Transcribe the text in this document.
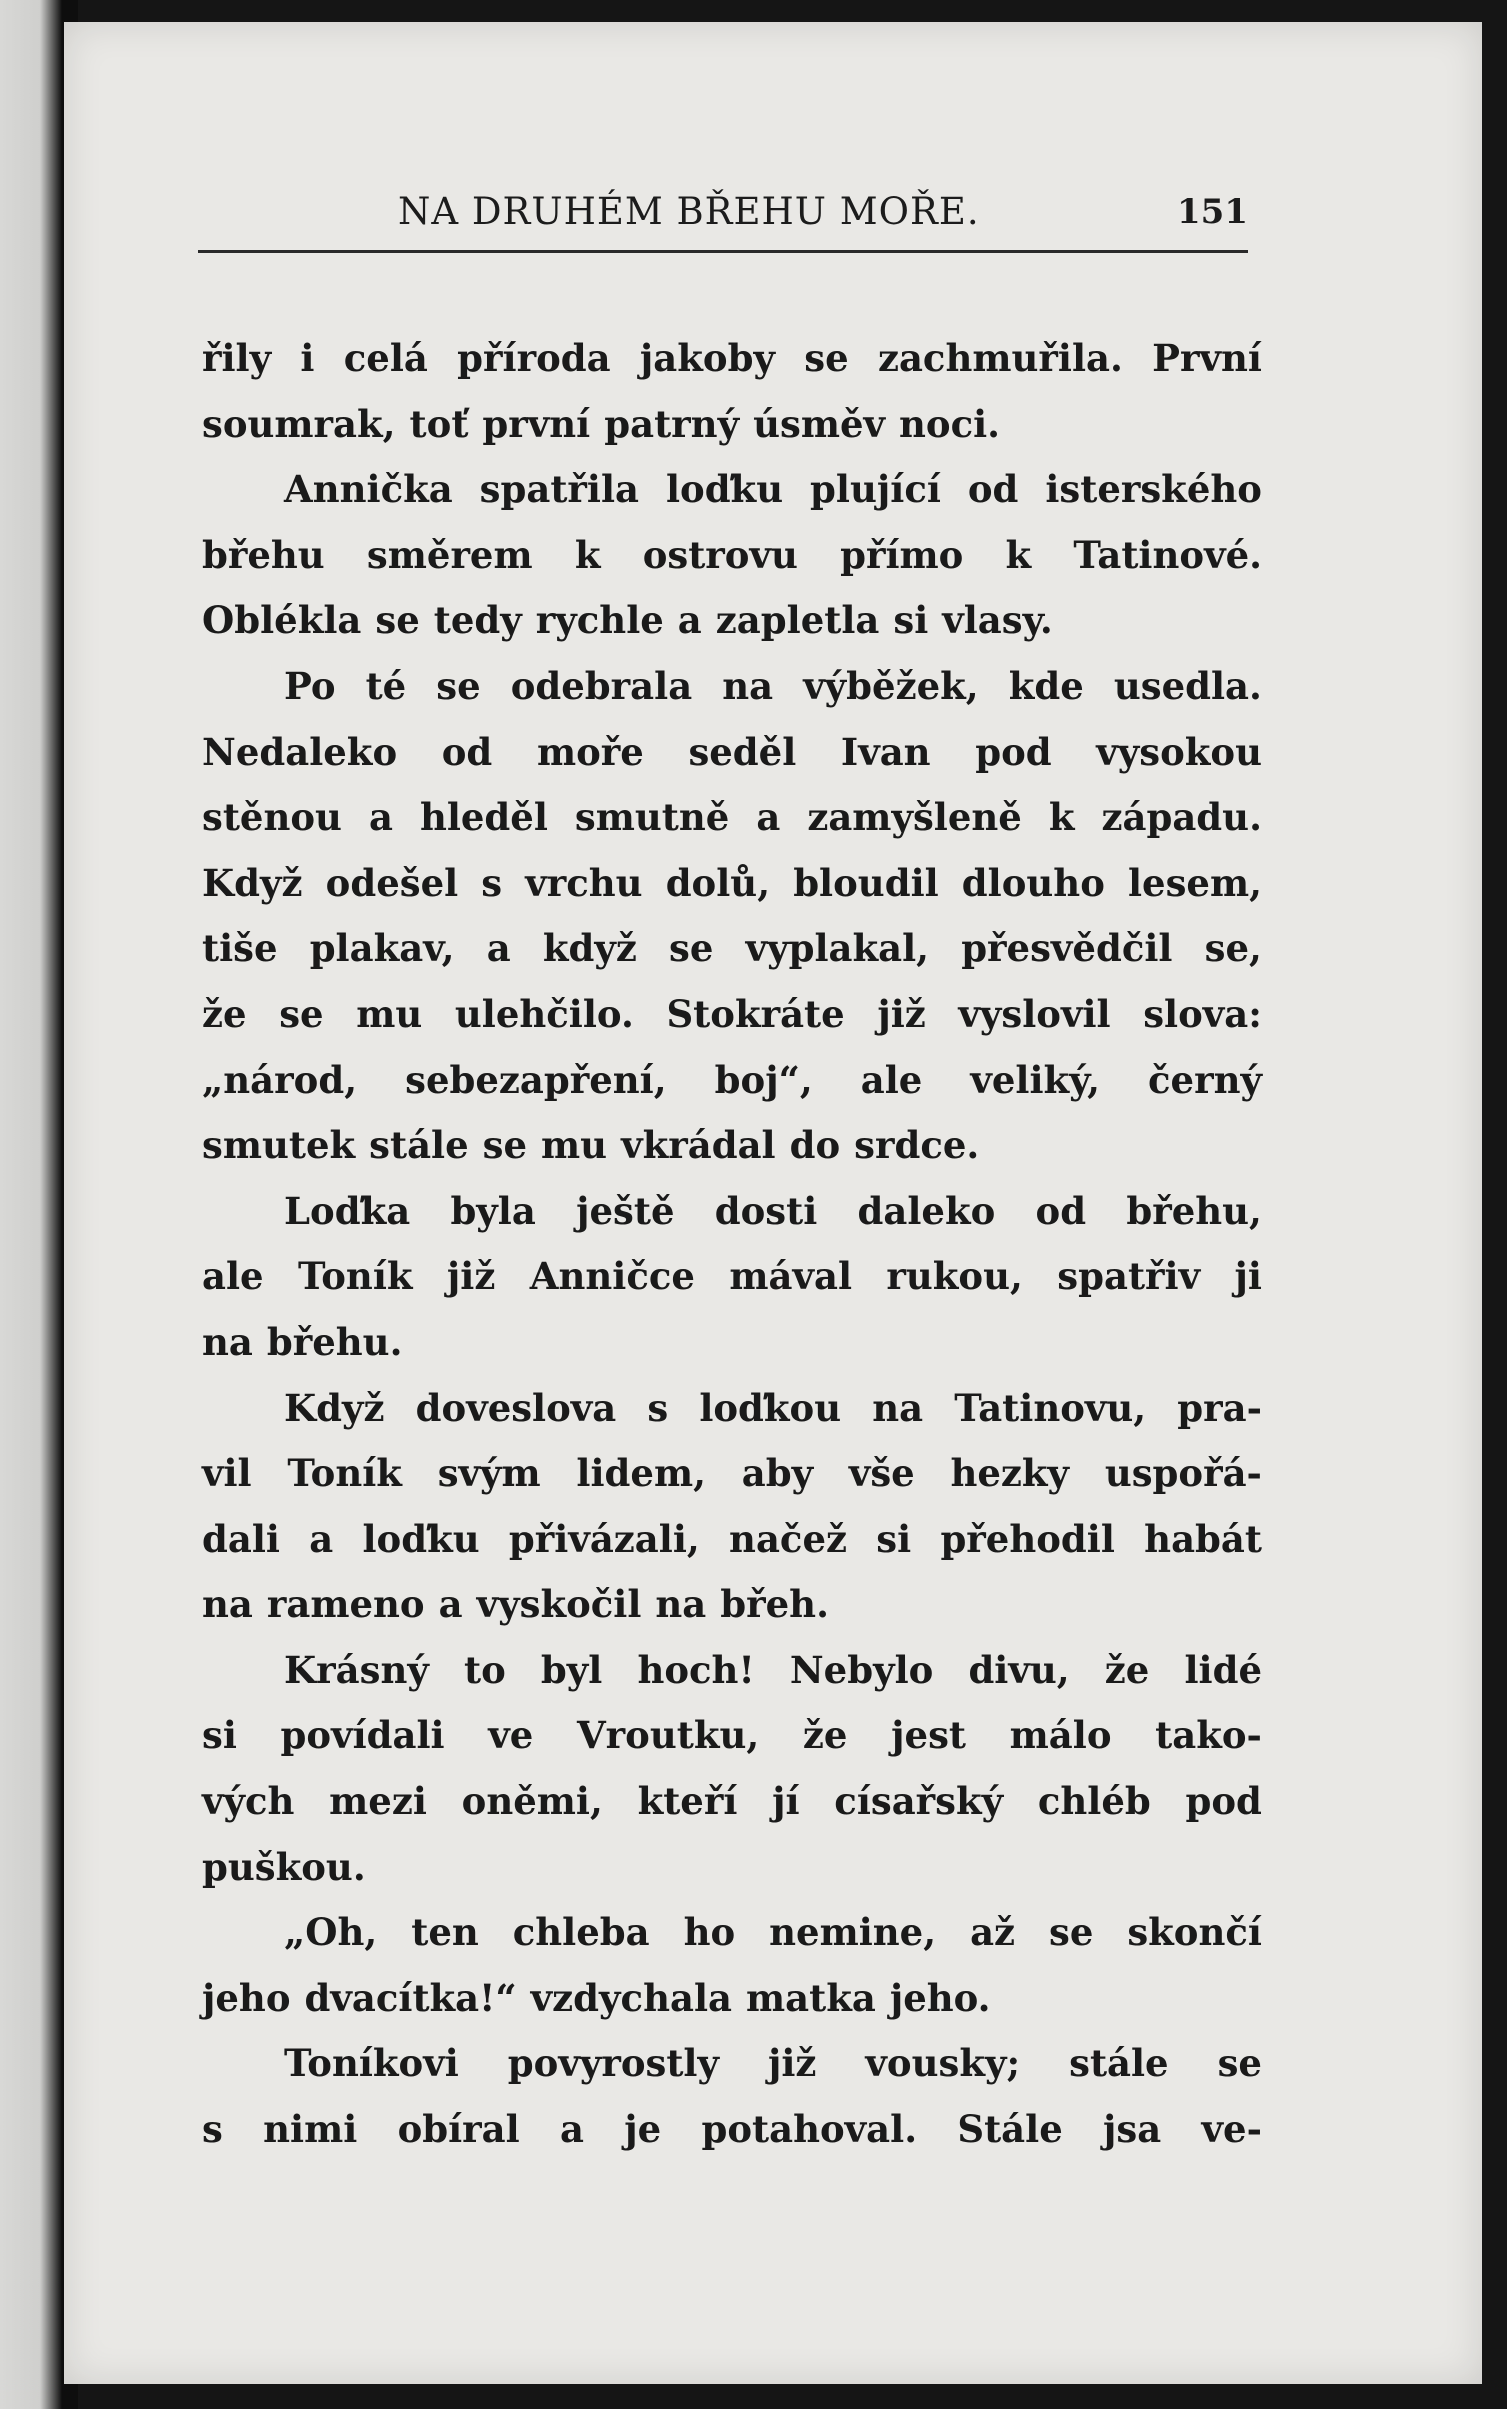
NA DRUHÉM BŘEHU MOŘE.	151
řily i celá příroda jakoby se zachmuřila. První
soumrak, toť první patrný úsměv noci.
Annička spatřila loďku plující od isterského
břehu směrem k ostrovu přímo k Tatinové.
Oblékla se tedy rychle a zapletla si vlasy.
Po té se odebrala na výběžek, kde usedla.
Nedaleko od moře seděl Ivan pod vysokou
stěnou a hleděl smutně a zamyšleně k západu.
Když odešel s vrchu dolů, bloudil dlouho lesem,
tiše plakav, a když se vyplakal, přesvědčil se,
že se mu ulehčilo. Stokráte již vyslovil slova:
„národ, sebezapření, boj“, ale veliký, černý
smutek stále se mu vkrádal do srdce.
Loďka byla ještě dosti daleko od břehu,
ale Toník již Anničce mával rukou, spatřiv ji
na břehu.
Když doveslova s loďkou na Tatinovu, pra-
vil Toník svým lidem, aby vše hezky uspořá-
dali a loďku přivázali, načež si přehodil habát
na rameno a vyskočil na břeh.
Krásný to byl hoch! Nebylo divu, že lidé
si povídali ve Vroutku, že jest málo tako-
vých mezi oněmi, kteří jí císařský chléb pod
puškou.
„Oh, ten chleba ho nemine, až se skončí
jeho dvacítka!“ vzdychala matka jeho.
Toníkovi povyrostly již vousky; stále se
s nimi obíral a je potahoval. Stále jsa ve-
